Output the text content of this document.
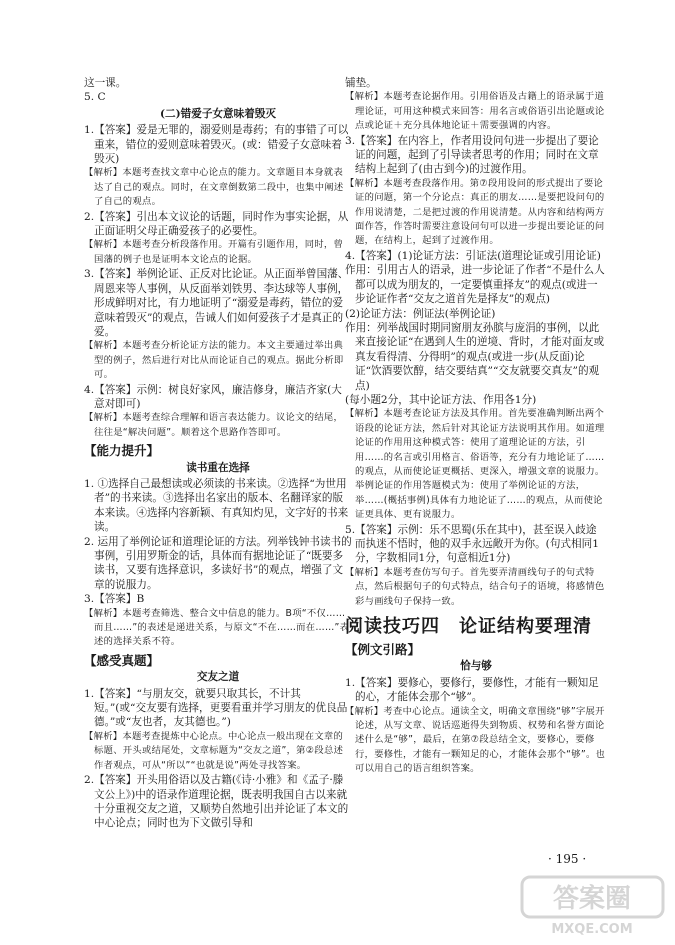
这一课。
5. C
(二)错爱子女意味着毁灭
1.【答案】爱是无罪的，溺爱则是毒药；有的事错了可以重来，错位的爱则意味着毁灭。(或：错爱子女意味着毁灭)
【解析】本题考查找文章中心论点的能力。文章题目本身就表达了自己的观点。同时，在文章倒数第二段中，也集中阐述了自己的观点。
2.【答案】引出本文议论的话题，同时作为事实论据，从正面证明父母正确爱孩子的必要性。
【解析】本题考查分析段落作用。开篇有引题作用，同时，曾国藩的例子也是证明本文论点的论据。
3.【答案】举例论证、正反对比论证。从正面举曾国藩、周恩来等人事例，从反面举刘铁男、李达球等人事例，形成鲜明对比，有力地证明了“溺爱是毒药，错位的爱意味着毁灭”的观点，告诫人们如何爱孩子才是真正的爱。
【解析】本题考查分析论证方法的能力。本文主要通过举出典型的例子，然后进行对比从而论证自己的观点。据此分析即可。
4.【答案】示例：树良好家风，廉洁修身，廉洁齐家(大意对即可)
【解析】本题考查综合理解和语言表达能力。议论文的结尾，往往是“解决问题”。顺着这个思路作答即可。
【能力提升】
读书重在选择
1. ①选择自己最想读或必须读的书来读。②选择“为世用者”的书来读。③选择出名家出的版本、名翻译家的版本来读。④选择内容新颖、有真知灼见，文字好的书来读。
2. 运用了举例论证和道理论证的方法。列举钱钟书读书的事例，引用罗斯金的话，具体而有据地论证了“既要多读书，又要有选择意识，多读好书”的观点，增强了文章的说服力。
3.【答案】B
【解析】本题考查筛选、整合文中信息的能力。B项“不仅……而且……”的表述是递进关系，与原文“不在……而在……”表述的选择关系不符。
【感受真题】
交友之道
1.【答案】“与朋友交，就要只取其长，不计其短。”(或“交友要有选择，更要看重并学习朋友的优良品德。”或“友也者，友其德也。”)
【解析】本题考查提炼中心论点。中心论点一般出现在文章的标题、开头或结尾处，文章标题为“交友之道”，第②段总述作者观点，可从“所以”“也就是说”两处寻找答案。
2.【答案】开头用俗语以及古籍(《诗·小雅》和《孟子·滕文公上》)中的语录作道理论据，既表明我国自古以来就十分重视交友之道，又顺势自然地引出并论证了本文的中心论点；同时也为下文做引导和
铺垫。
【解析】本题考查论据作用。引用俗语及古籍上的语录属于道理论证，可用这种模式来回答：用名言或俗语引出论题或论点或论证＋充分具体地论证＋需要强调的内容。
3.【答案】在内容上，作者用设问句进一步提出了要论证的问题，起到了引导读者思考的作用；同时在文章结构上起到了(由古到今)的过渡作用。
【解析】本题考查段落作用。第⑦段用设问的形式提出了要论证的问题，第一个分论点：真正的朋友……是要把设问句的作用说清楚，二是把过渡的作用说清楚。从内容和结构两方面作答，作答时需要注意设问句可以进一步提出要论证的问题，在结构上，起到了过渡作用。
4.【答案】(1)论证方法：引证法(道理论证或引用论证)
作用：引用古人的语录，进一步论证了作者“不是什么人都可以成为朋友的，一定要慎重择友”的观点(或进一步论证作者“交友之道首先是择友”的观点)
(2)论证方法：例证法(举例论证)
作用：列举战国时期同窗朋友孙膑与庞涓的事例，以此来直接论证“在遇到人生的逆境、背时，才能对面友或真友看得清、分得明”的观点(或进一步(从反面)论证“饮酒要饮醇，结交要结真”“交友就要交真友”的观点)
(每小题2分，其中论证方法、作用各1分)
【解析】本题考查论证方法及其作用。首先要准确判断出两个语段的论证方法，然后针对其论证方法说明其作用。如道理论证的作用用这种模式答：使用了道理论证的方法，引用……的名言或引用格言、俗语等，充分有力地论证了……的观点，从而使论证更概括、更深入，增强文章的说服力。举例论证的作用答题模式为：使用了举例论证的方法，举……(概括事例)具体有力地论证了……的观点，从而使论证更具体、更有说服力。
5.【答案】示例：乐不思蜀(乐在其中)，甚至误入歧途而执迷不悟时，他的双手永远敞开为你。(句式相同1分，字数相同1分，句意相近1分)
【解析】本题考查仿写句子。首先要弄清画线句子的句式特点，然后根据句子的句式特点，结合句子的语境，将感情色彩与画线句子保持一致。
阅读技巧四　论证结构要理清
【例文引路】
恰与够
1.【答案】要修心，要修行，要修性，才能有一颗知足的心，才能体会那个“够”。
【解析】考查中心论点。通读全文，明确文章围绕“够”字展开论述，从写文章、说话巡逝得失到物质、权势和名誉方面论述什么是“够”，最后，在第⑦段总结全文，要修心，要修行，要修性，才能有一颗知足的心，才能体会那个“够”。也可以用自己的语言组织答案。
· 195 ·
答案圈
MXQE.COM
